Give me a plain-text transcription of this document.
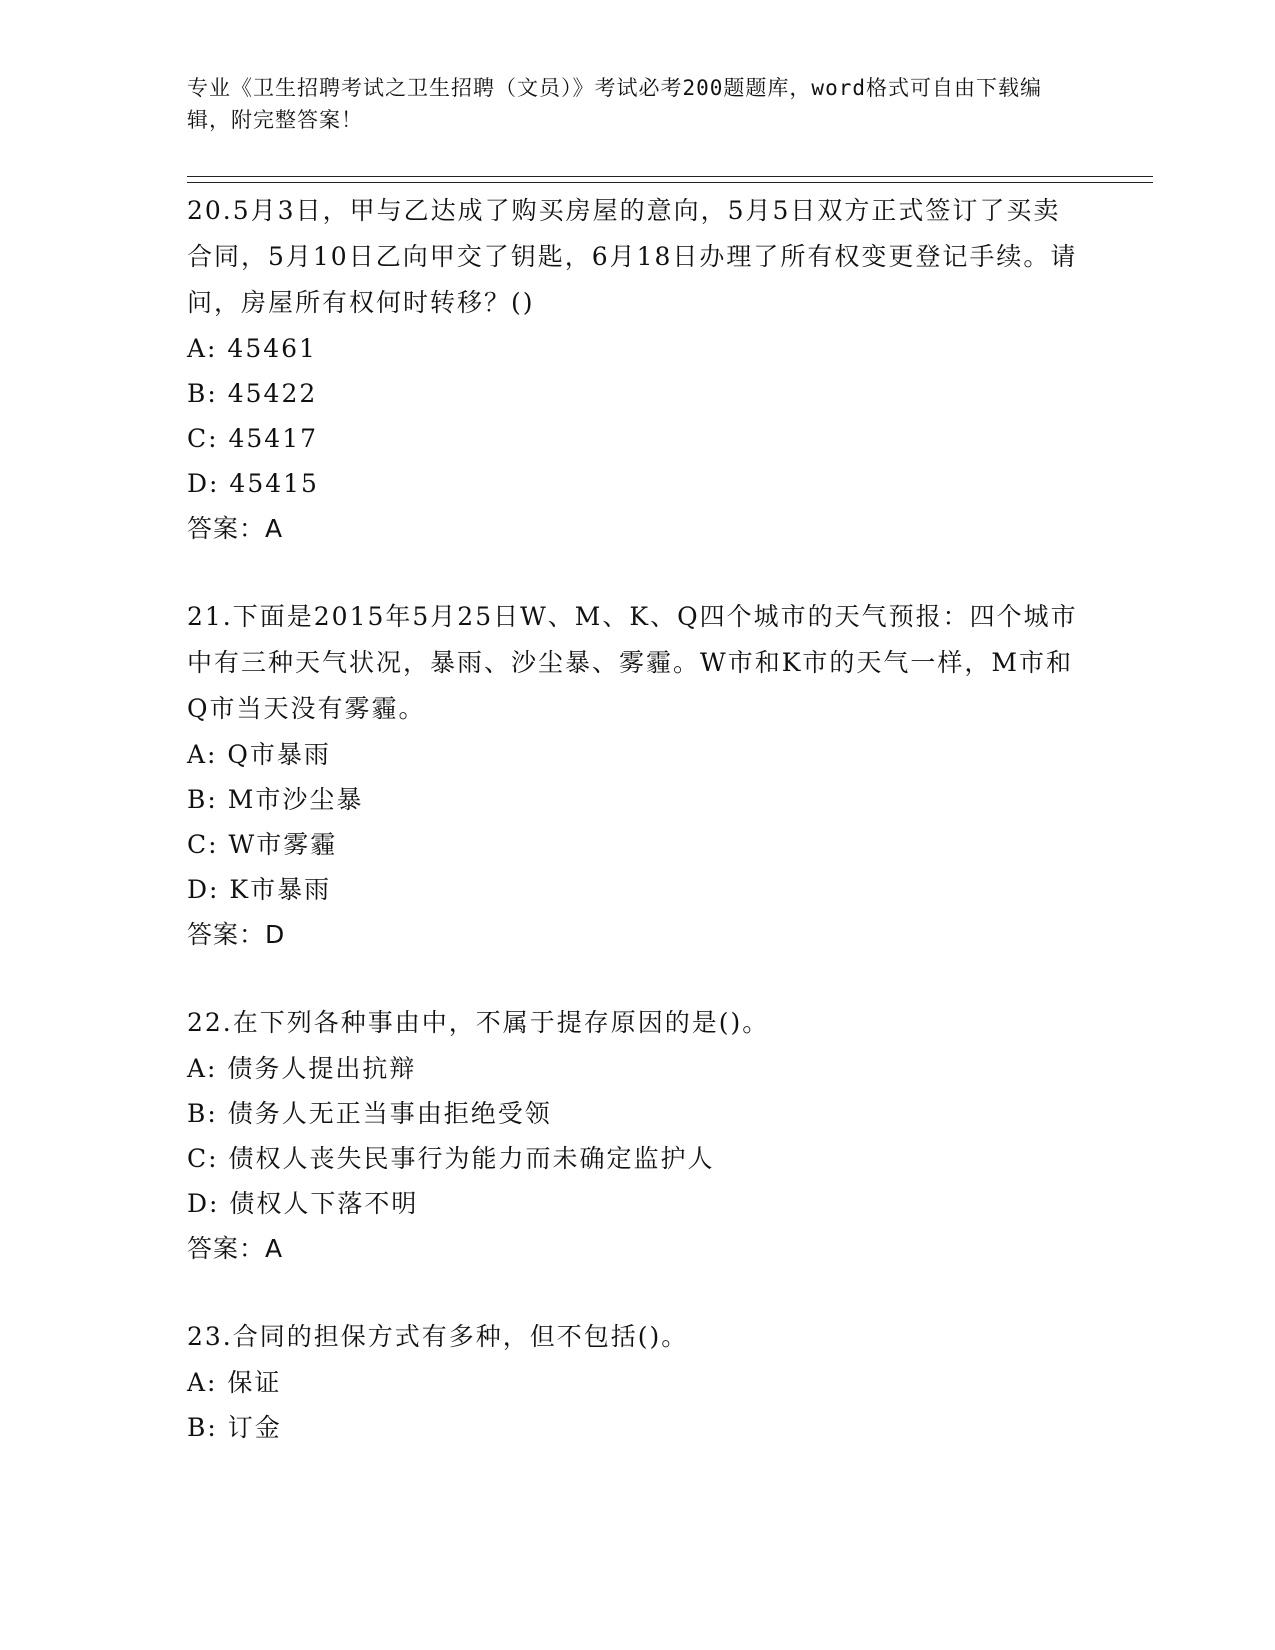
专业《卫生招聘考试之卫生招聘（文员）》考试必考200题题库，word格式可自由下载编辑，附完整答案！

20.5月3日，甲与乙达成了购买房屋的意向，5月5日双方正式签订了买卖合同，5月10日乙向甲交了钥匙，6月18日办理了所有权变更登记手续。请问，房屋所有权何时转移？()

A: 45461

B: 45422

C: 45417

D: 45415

答案：A

21.下面是2015年5月25日W、M、K、Q四个城市的天气预报：四个城市中有三种天气状况，暴雨、沙尘暴、雾霾。W市和K市的天气一样，M市和Q市当天没有雾霾。

A: Q市暴雨

B: M市沙尘暴

C: W市雾霾

D: K市暴雨

答案：D

22.在下列各种事由中，不属于提存原因的是()。

A: 债务人提出抗辩

B: 债务人无正当事由拒绝受领

C: 债权人丧失民事行为能力而未确定监护人

D: 债权人下落不明

答案：A

23.合同的担保方式有多种，但不包括()。

A: 保证

B: 订金
